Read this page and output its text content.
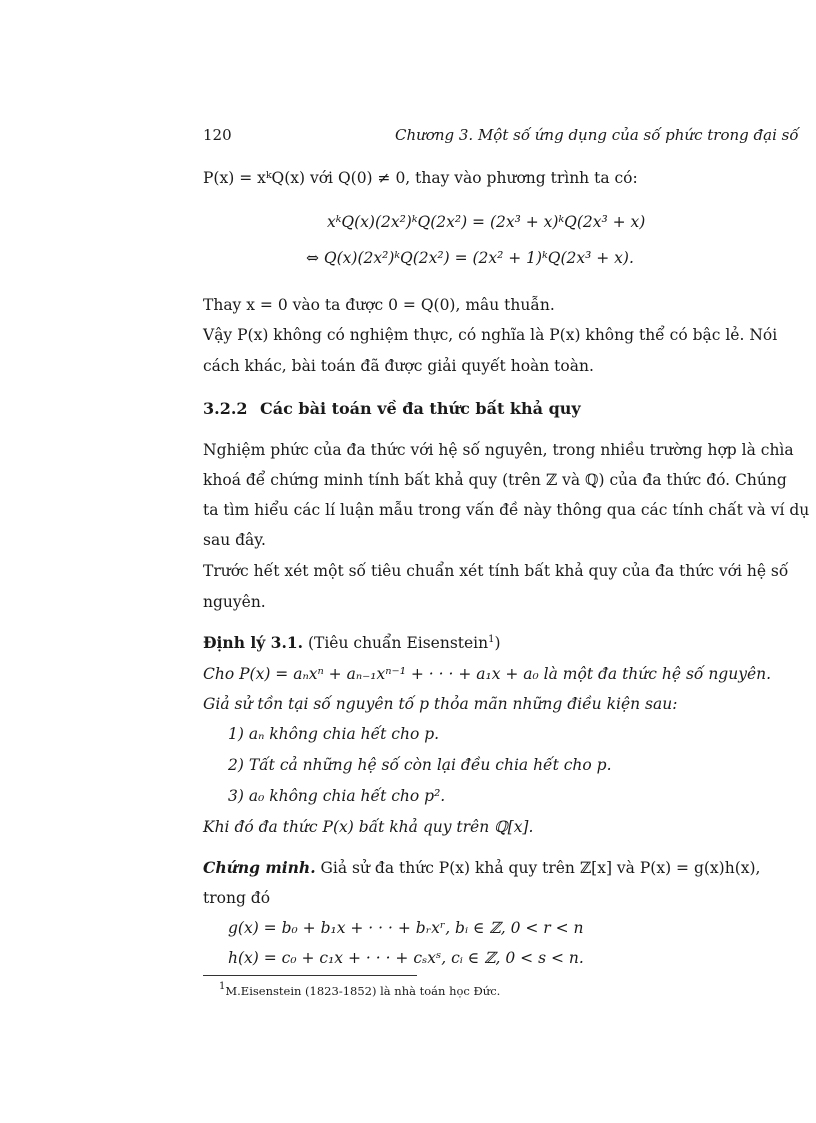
120	Chương 3. Một số ứng dụng của số phức trong đại số
P(x) = xᵏQ(x) với Q(0) ≠ 0, thay vào phương trình ta có:
xᵏQ(x)(2x²)ᵏQ(2x²) = (2x³ + x)ᵏQ(2x³ + x)
⇔ Q(x)(2x²)ᵏQ(2x²) = (2x² + 1)ᵏQ(2x³ + x).
Thay x = 0 vào ta được 0 = Q(0), mâu thuẫn.
Vậy P(x) không có nghiệm thực, có nghĩa là P(x) không thể có bậc lẻ. Nói
cách khác, bài toán đã được giải quyết hoàn toàn.
3.2.2 Các bài toán về đa thức bất khả quy
Nghiệm phức của đa thức với hệ số nguyên, trong nhiều trường hợp là chìa
khoá để chứng minh tính bất khả quy (trên ℤ và ℚ) của đa thức đó. Chúng
ta tìm hiểu các lí luận mẫu trong vấn đề này thông qua các tính chất và ví dụ
sau đây.
Trước hết xét một số tiêu chuẩn xét tính bất khả quy của đa thức với hệ số
nguyên.
Định lý 3.1. (Tiêu chuẩn Eisenstein$^1$)
Cho P(x) = aₙxⁿ + aₙ₋₁xⁿ⁻¹ + · · · + a₁x + a₀ là một đa thức hệ số nguyên.
Giả sử tồn tại số nguyên tố p thỏa mãn những điều kiện sau:
1) aₙ không chia hết cho p.
2) Tất cả những hệ số còn lại đều chia hết cho p.
3) a₀ không chia hết cho p².
Khi đó đa thức P(x) bất khả quy trên ℚ[x].
Chứng minh. Giả sử đa thức P(x) khả quy trên ℤ[x] và P(x) = g(x)h(x),
trong đó
g(x) = b₀ + b₁x + · · · + bᵣxʳ, bᵢ ∈ ℤ, 0 < r < n
h(x) = c₀ + c₁x + · · · + cₛxˢ, cᵢ ∈ ℤ, 0 < s < n.
$^1$M.Eisenstein (1823-1852) là nhà toán học Đức.
